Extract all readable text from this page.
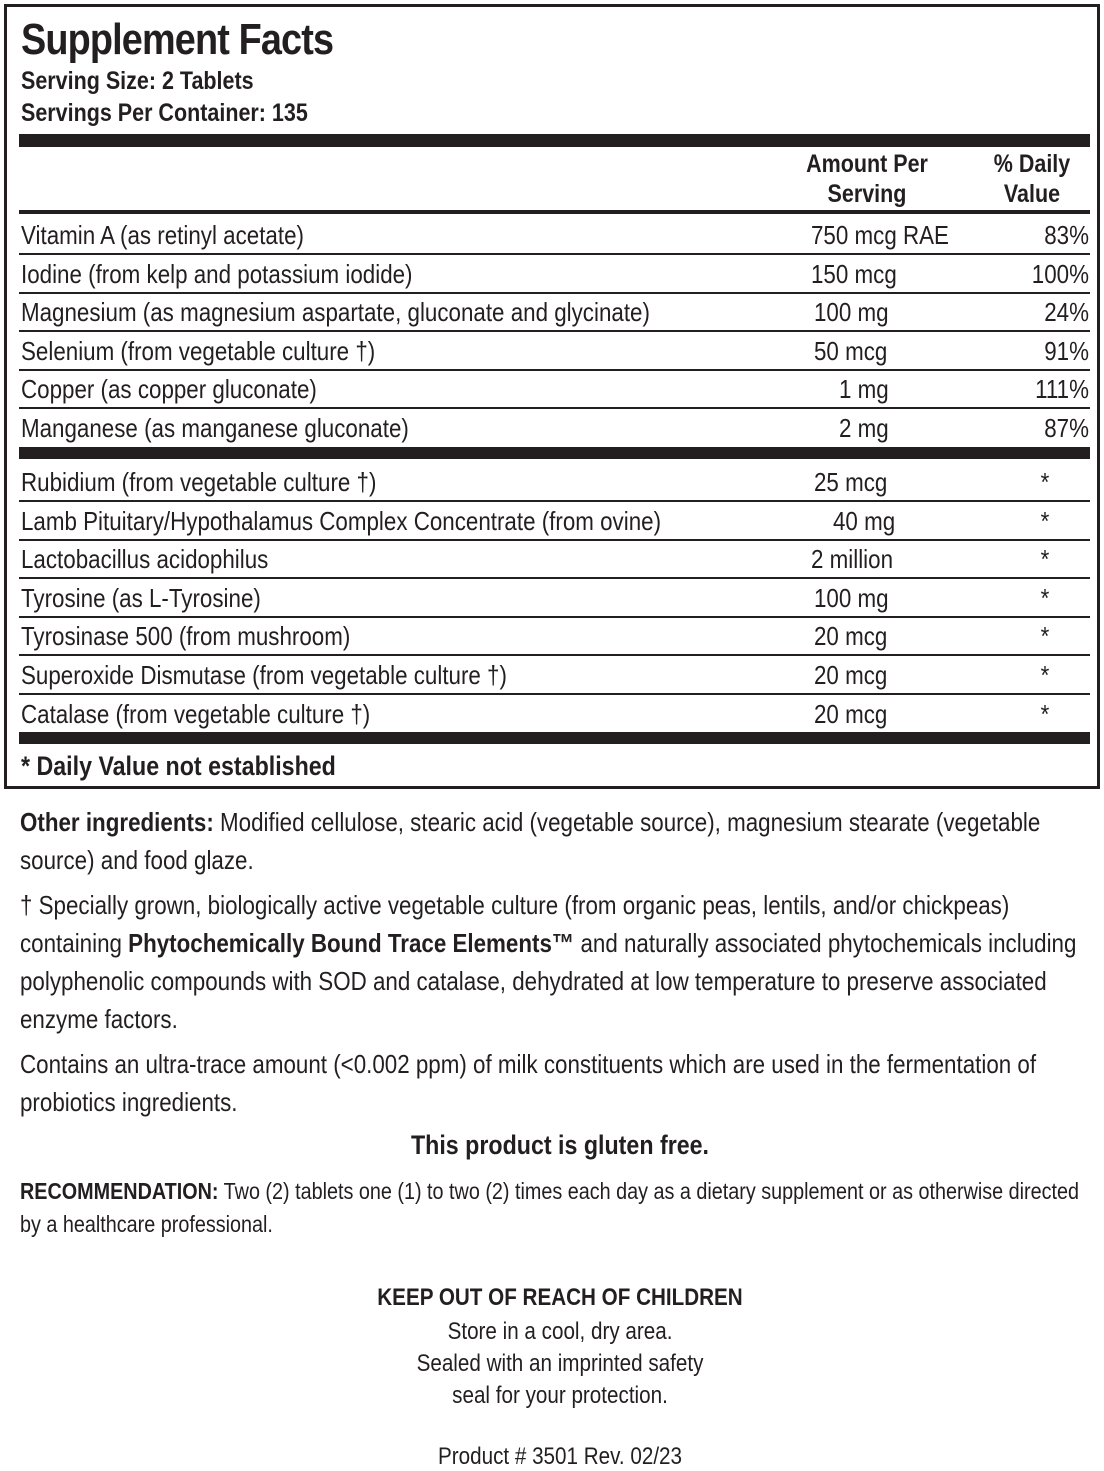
Supplement Facts
Serving Size: 2 Tablets
Servings Per Container: 135
Amount Per
Serving
% Daily
Value
Vitamin A (as retinyl acetate)	750 mcg RAE	83%
Iodine (from kelp and potassium iodide)	150 mcg	100%
Magnesium (as magnesium aspartate, gluconate and glycinate)	100 mg	24%
Selenium (from vegetable culture †)	50 mcg	91%
Copper (as copper gluconate)	1 mg	111%
Manganese (as manganese gluconate)	2 mg	87%
Rubidium (from vegetable culture †)	25 mcg	*
Lamb Pituitary/Hypothalamus Complex Concentrate (from ovine)	40 mg	*
Lactobacillus acidophilus	2 million	*
Tyrosine (as L-Tyrosine)	100 mg	*
Tyrosinase 500 (from mushroom)	20 mcg	*
Superoxide Dismutase (from vegetable culture †)	20 mcg	*
Catalase (from vegetable culture †)	20 mcg	*
* Daily Value not established
Other ingredients: Modified cellulose, stearic acid (vegetable source), magnesium stearate (vegetable source) and food glaze.
† Specially grown, biologically active vegetable culture (from organic peas, lentils, and/or chickpeas) containing Phytochemically Bound Trace Elements™ and naturally associated phytochemicals including polyphenolic compounds with SOD and catalase, dehydrated at low temperature to preserve associated enzyme factors.
Contains an ultra-trace amount (<0.002 ppm) of milk constituents which are used in the fermentation of probiotics ingredients.
This product is gluten free.
RECOMMENDATION: Two (2) tablets one (1) to two (2) times each day as a dietary supplement or as otherwise directed by a healthcare professional.
KEEP OUT OF REACH OF CHILDREN
Store in a cool, dry area.
Sealed with an imprinted safety
seal for your protection.
Product # 3501 Rev. 02/23
